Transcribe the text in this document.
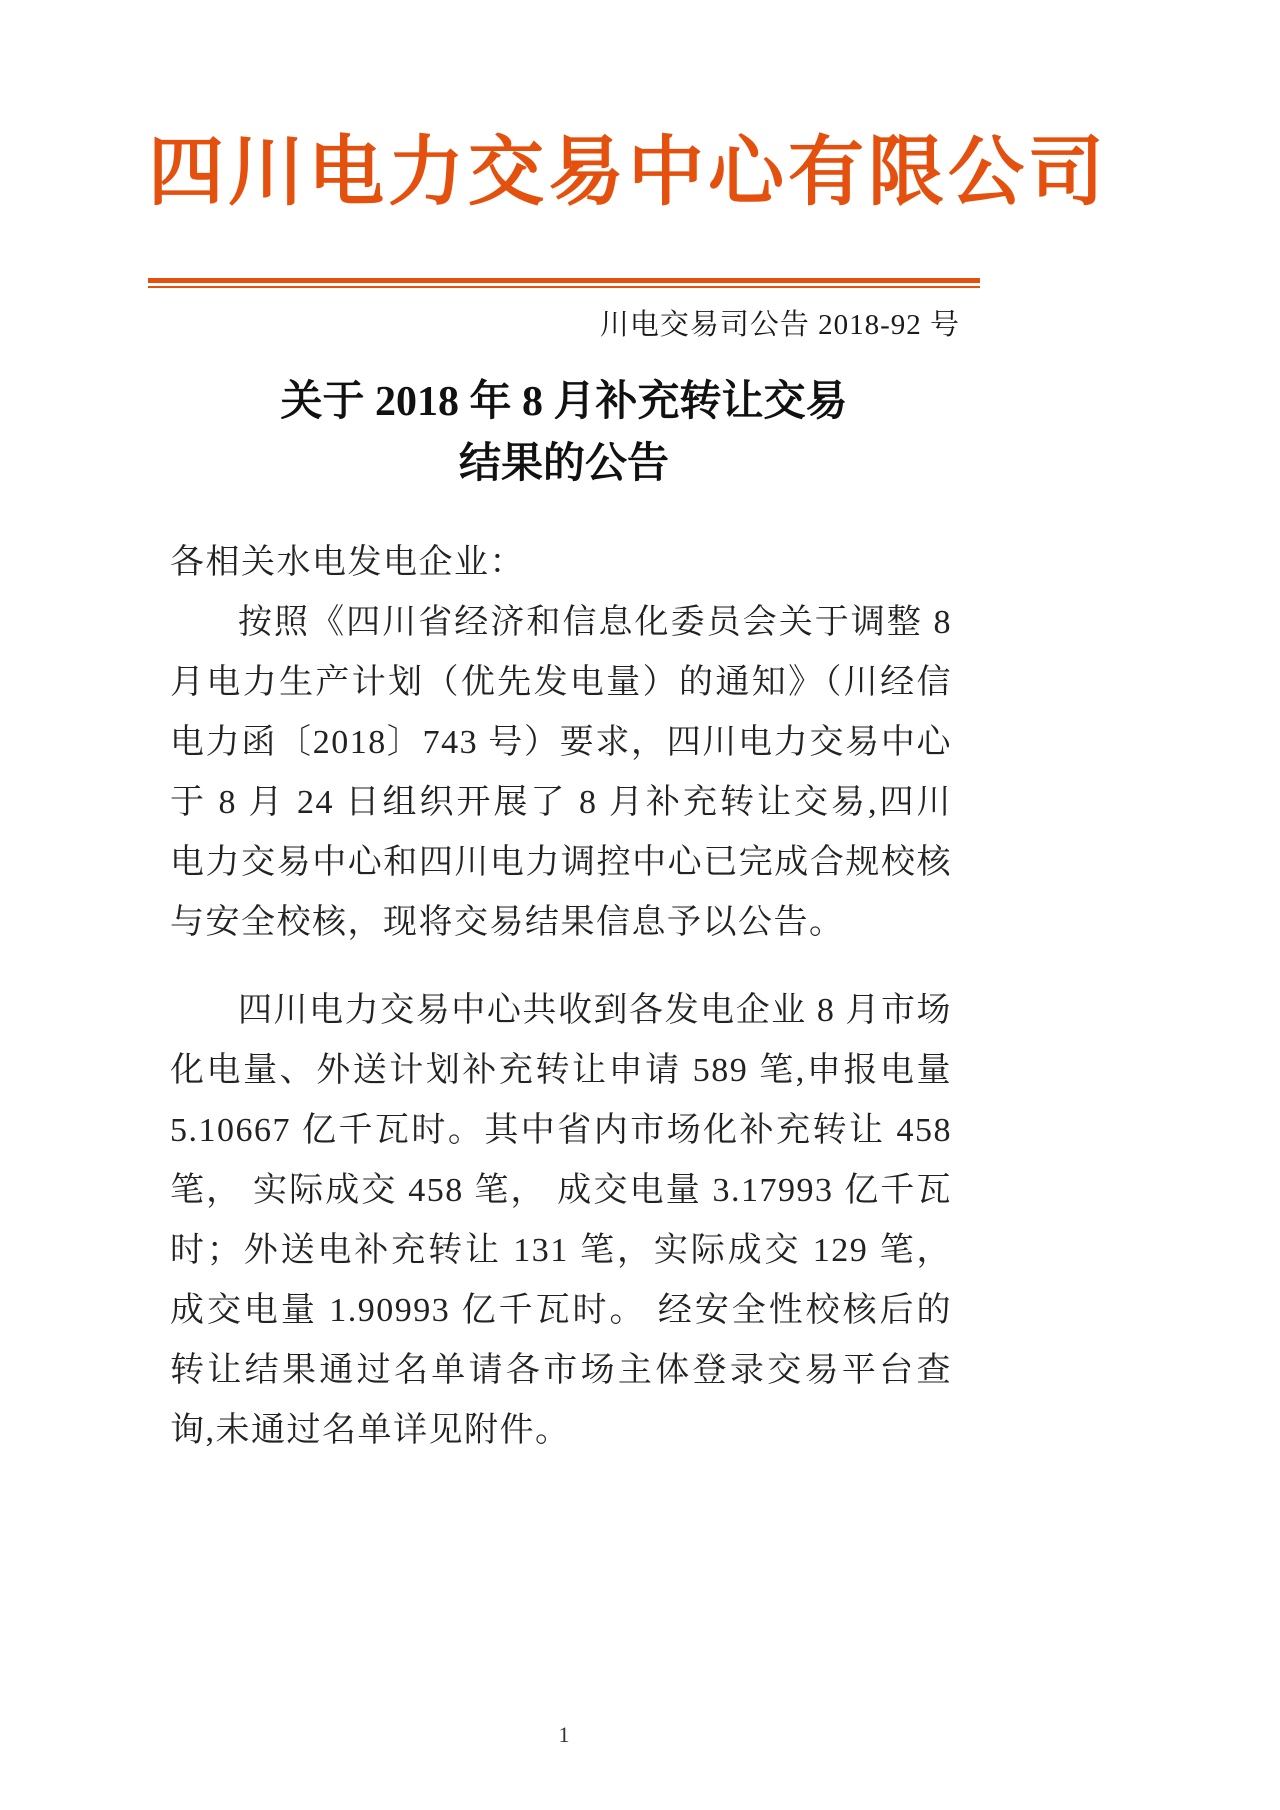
四川电力交易中心有限公司
川电交易司公告 2018-92 号
关于 2018 年 8 月补充转让交易
结果的公告
各相关水电发电企业：

按照《四川省经济和信息化委员会关于调整 8 月电力生产计划（优先发电量）的通知》（川经信电力函〔2018〕743 号）要求，四川电力交易中心于 8 月 24 日组织开展了 8 月补充转让交易,四川电力交易中心和四川电力调控中心已完成合规校核与安全校核，现将交易结果信息予以公告。

四川电力交易中心共收到各发电企业 8 月市场化电量、外送计划补充转让申请 589 笔,申报电量 5.10667 亿千瓦时。其中省内市场化补充转让 458 笔， 实际成交 458 笔， 成交电量 3.17993 亿千瓦时；外送电补充转让 131 笔，实际成交 129 笔， 成交电量 1.90993 亿千瓦时。 经安全性校核后的转让结果通过名单请各市场主体登录交易平台查询,未通过名单详见附件。

1
